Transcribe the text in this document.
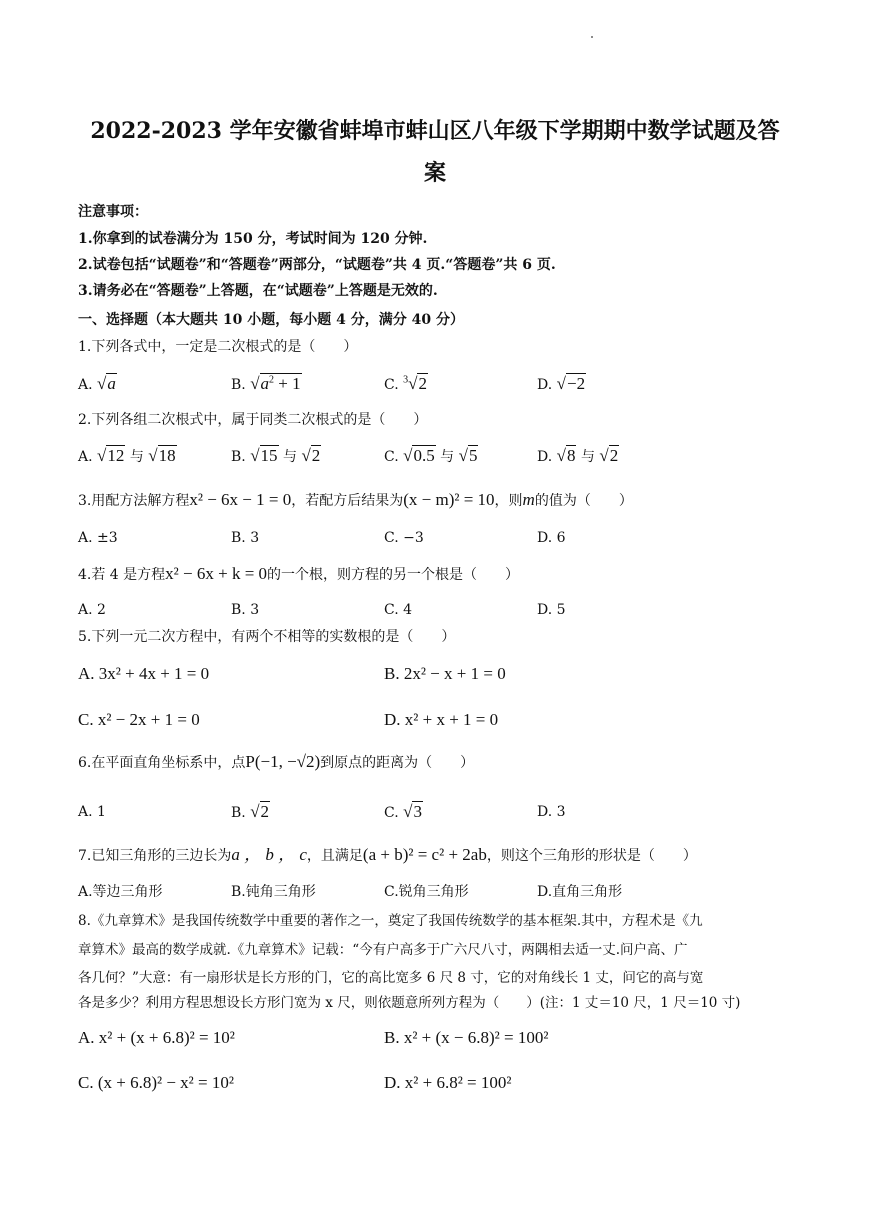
2022-2023 学年安徽省蚌埠市蚌山区八年级下学期期中数学试题及答
案
注意事项：
1.你拿到的试卷满分为 150 分，考试时间为 120 分钟.
2.试卷包括“试题卷”和“答题卷”两部分，“试题卷”共 4 页.“答题卷”共 6 页.
3.请务必在“答题卷”上答题，在“试题卷”上答题是无效的.
一、选择题（本大题共 10 小题，每小题 4 分，满分 40 分）
1.下列各式中，一定是二次根式的是（　　）
A. √a	B. $√a^2 + 1$	C. $^3$√2	D. √−2
2.下列各组二次根式中，属于同类二次根式的是（　　）
A. √12 与 √18	B. √15 与 √2	C. √0.5 与 √5	D. √8 与 √2
3.用配方法解方程x² − 6x − 1 = 0，若配方后结果为(x − m)² = 10，则m的值为（　　）
A. ±3	B. 3	C. −3	D. 6
4.若 4 是方程x² − 6x + k = 0的一个根，则方程的另一个根是（　　）
A. 2	B. 3	C. 4	D. 5
5.下列一元二次方程中，有两个不相等的实数根的是（　　）
A. 3x² + 4x + 1 = 0	B. 2x² − x + 1 = 0
C. x² − 2x + 1 = 0	D. x² + x + 1 = 0
6.在平面直角坐标系中，点P(−1, −√2)到原点的距离为（　　）
A. 1	B. √2	C. √3	D. 3
7.已知三角形的三边长为a ， b ， c，且满足(a + b)² = c² + 2ab，则这个三角形的形状是（　　）
A.等边三角形	B.钝角三角形	C.锐角三角形	D.直角三角形
8.《九章算术》是我国传统数学中重要的著作之一，奠定了我国传统数学的基本框架.其中，方程术是《九
章算术》最高的数学成就.《九章算术》记载：“今有户高多于广六尺八寸，两隅相去适一丈.问户高、广
各几何？”大意：有一扇形状是长方形的门，它的高比宽多 6 尺 8 寸，它的对角线长 1 丈，问它的高与宽
各是多少？利用方程思想设长方形门宽为 x 尺，则依题意所列方程为（　　）(注：1 丈＝10 尺，1 尺＝10 寸)
A. x² + (x + 6.8)² = 10²	B. x² + (x − 6.8)² = 100²
C. (x + 6.8)² − x² = 10²	D. x² + 6.8² = 100²
